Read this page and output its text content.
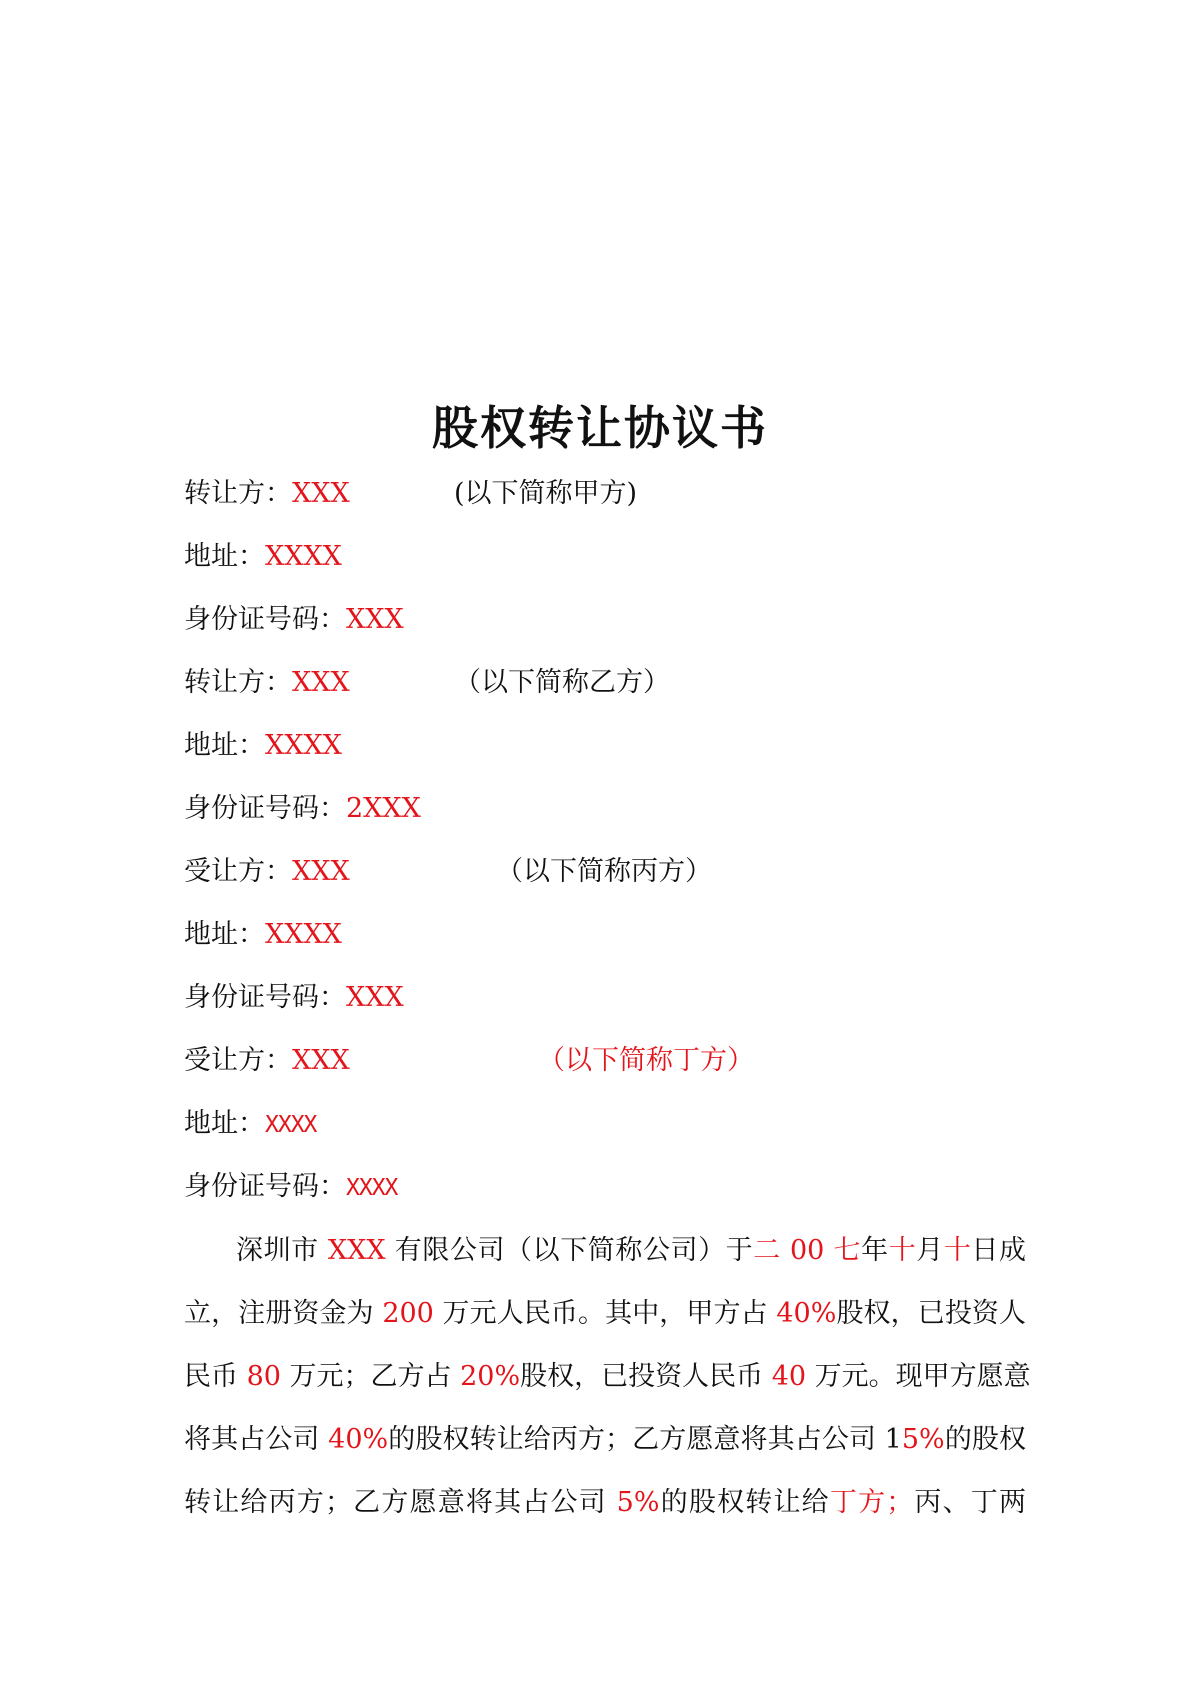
股权转让协议书
转让方：XXX	(以下简称甲方)
地址：XXXX
身份证号码：XXX
转让方：XXX	（以下简称乙方）
地址：XXXX
身份证号码：2XXX
受让方：XXX	（以下简称丙方）
地址：XXXX
身份证号码：XXX
受让方：XXX	（以下简称丁方）
地址：XXXX
身份证号码：XXXX
深圳市 XXX 有限公司（以下简称公司）于二 00 七年十月十日成
立，注册资金为 200 万元人民币。其中，甲方占 40%股权，已投资人
民币 80 万元；乙方占 20%股权，已投资人民币 40 万元。现甲方愿意
将其占公司 40%的股权转让给丙方；乙方愿意将其占公司 15%的股权
转让给丙方；乙方愿意将其占公司 5%的股权转让给丁方；丙、丁两
